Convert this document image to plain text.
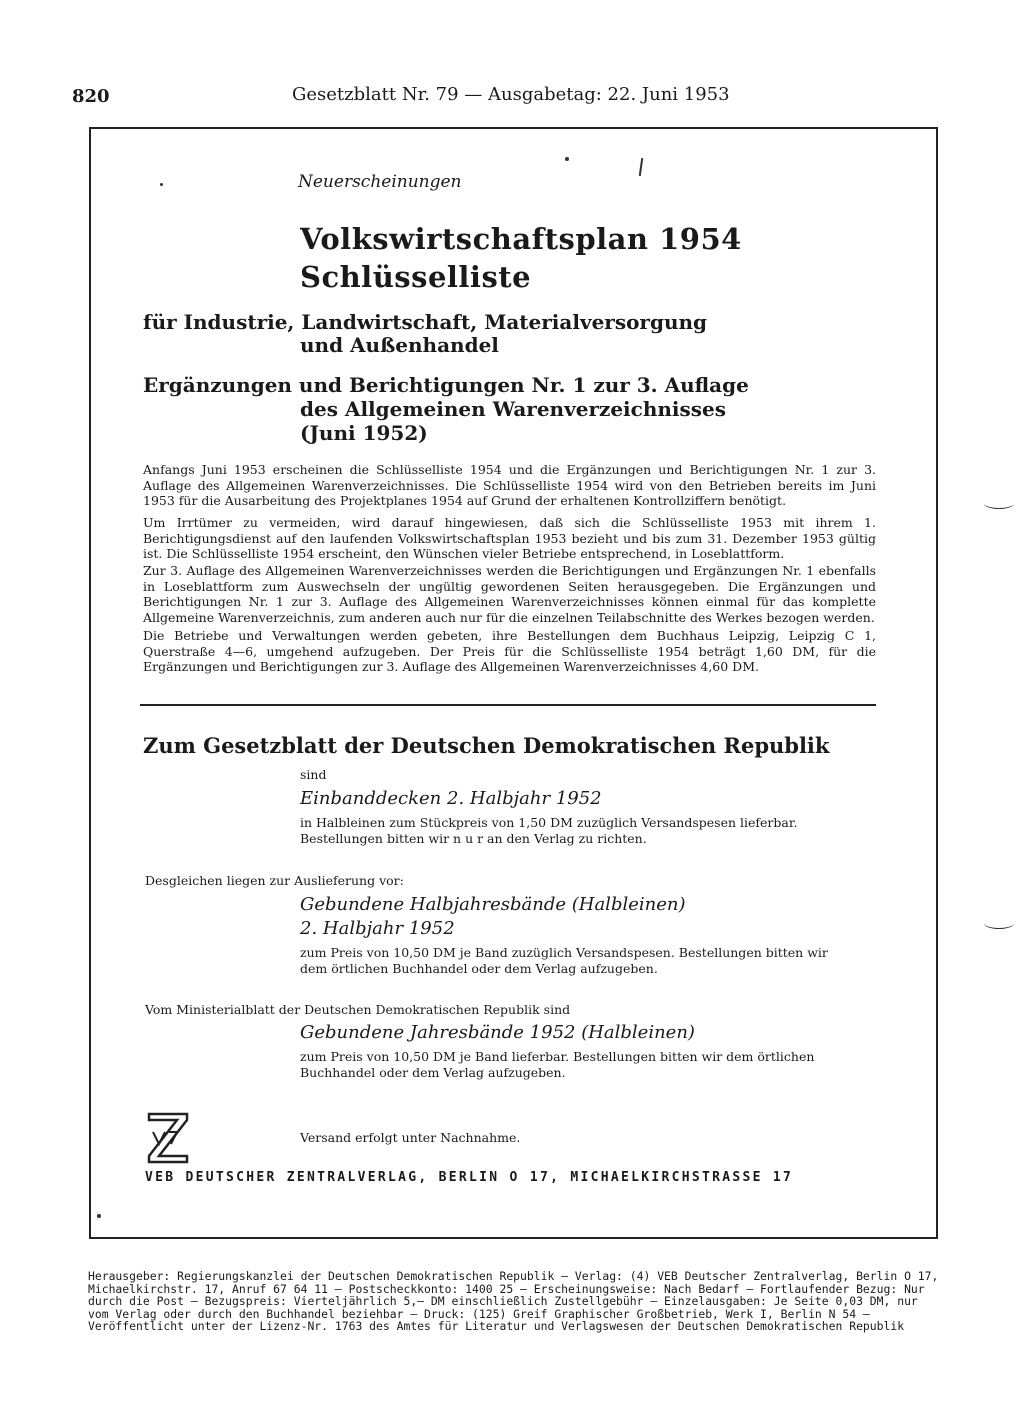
820	Gesetzblatt Nr. 79 — Ausgabetag: 22. Juni 1953
Neuerscheinungen
Volkswirtschaftsplan 1954
Schlüsselliste
für Industrie, Landwirtschaft, Materialversorgung
und Außenhandel
Ergänzungen und Berichtigungen Nr. 1 zur 3. Auflage
des Allgemeinen Warenverzeichnisses
(Juni 1952)
Anfangs Juni 1953 erscheinen die Schlüsselliste 1954 und die Ergänzungen und Berichtigungen Nr. 1 zur 3. Auflage des Allgemeinen Warenverzeichnisses. Die Schlüsselliste 1954 wird von den Betrieben bereits im Juni 1953 für die Ausarbeitung des Projektplanes 1954 auf Grund der erhaltenen Kontrollziffern benötigt.
Um Irrtümer zu vermeiden, wird darauf hingewiesen, daß sich die Schlüsselliste 1953 mit ihrem 1. Berichtigungsdienst auf den laufenden Volkswirtschaftsplan 1953 bezieht und bis zum 31. Dezember 1953 gültig ist. Die Schlüsselliste 1954 erscheint, den Wünschen vieler Betriebe entsprechend, in Loseblattform.
Zur 3. Auflage des Allgemeinen Warenverzeichnisses werden die Berichtigungen und Ergänzungen Nr. 1 ebenfalls in Loseblattform zum Auswechseln der ungültig gewordenen Seiten herausgegeben. Die Ergänzungen und Berichtigungen Nr. 1 zur 3. Auflage des Allgemeinen Warenverzeichnisses können einmal für das komplette Allgemeine Warenverzeichnis, zum anderen auch nur für die einzelnen Teilabschnitte des Werkes bezogen werden.
Die Betriebe und Verwaltungen werden gebeten, ihre Bestellungen dem Buchhaus Leipzig, Leipzig C 1, Querstraße 4—6, umgehend aufzugeben. Der Preis für die Schlüsselliste 1954 beträgt 1,60 DM, für die Ergänzungen und Berichtigungen zur 3. Auflage des Allgemeinen Warenverzeichnisses 4,60 DM.
Zum Gesetzblatt der Deutschen Demokratischen Republik
sind
Einbanddecken 2. Halbjahr 1952
in Halbleinen zum Stückpreis von 1,50 DM zuzüglich Versandspesen lieferbar.
Bestellungen bitten wir n u r an den Verlag zu richten.
Desgleichen liegen zur Auslieferung vor:
Gebundene Halbjahresbände (Halbleinen)
2. Halbjahr 1952
zum Preis von 10,50 DM je Band zuzüglich Versandspesen. Bestellungen bitten wir
dem örtlichen Buchhandel oder dem Verlag aufzugeben.
Vom Ministerialblatt der Deutschen Demokratischen Republik sind
Gebundene Jahresbände 1952 (Halbleinen)
zum Preis von 10,50 DM je Band lieferbar. Bestellungen bitten wir dem örtlichen
Buchhandel oder dem Verlag aufzugeben.
Versand erfolgt unter Nachnahme.
VEB DEUTSCHER ZENTRALVERLAG, BERLIN O 17, MICHAELKIRCHSTRASSE 17
Herausgeber: Regierungskanzlei der Deutschen Demokratischen Republik — Verlag: (4) VEB Deutscher Zentralverlag, Berlin O 17,
Michaelkirchstr. 17, Anruf 67 64 11 — Postscheckkonto: 1400 25 — Erscheinungsweise: Nach Bedarf — Fortlaufender Bezug: Nur
durch die Post — Bezugspreis: Vierteljährlich 5,— DM einschließlich Zustellgebühr — Einzelausgaben: Je Seite 0,03 DM, nur
vom Verlag oder durch den Buchhandel beziehbar — Druck: (125) Greif Graphischer Großbetrieb, Werk I, Berlin N 54 —
Veröffentlicht unter der Lizenz-Nr. 1763 des Amtes für Literatur und Verlagswesen der Deutschen Demokratischen Republik
